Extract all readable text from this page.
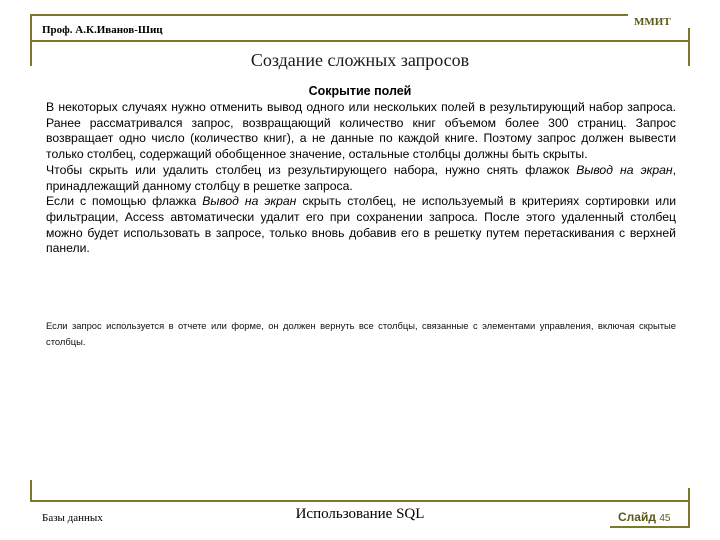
Проф. А.К.Иванов-Шиц
ММИТ
Создание сложных запросов
Сокрытие полей

В некоторых случаях нужно отменить вывод одного или нескольких полей в результирующий набор запроса. Ранее рассматривался запрос, возвращающий количество книг объемом более 300 страниц. Запрос возвращает одно число (количество книг), а не данные по каждой книге. Поэтому запрос должен вывести только столбец, содержащий обобщенное значение, остальные столбцы должны быть скрыты.

Чтобы скрыть или удалить столбец из результирующего набора, нужно снять флажок Вывод на экран, принадлежащий данному столбцу в решетке запроса.

Если с помощью флажка Вывод на экран скрыть столбец, не используемый в критериях сортировки или фильтрации, Access автоматически удалит его при сохранении запроса. После этого удаленный столбец можно будет использовать в запросе, только вновь добавив его в решетку путем перетаскивания с верхней панели.

Если запрос используется в отчете или форме, он должен вернуть все столбцы, связанные с элементами управления, включая скрытые столбцы.
Базы данных	Использование SQL	Слайд 45
